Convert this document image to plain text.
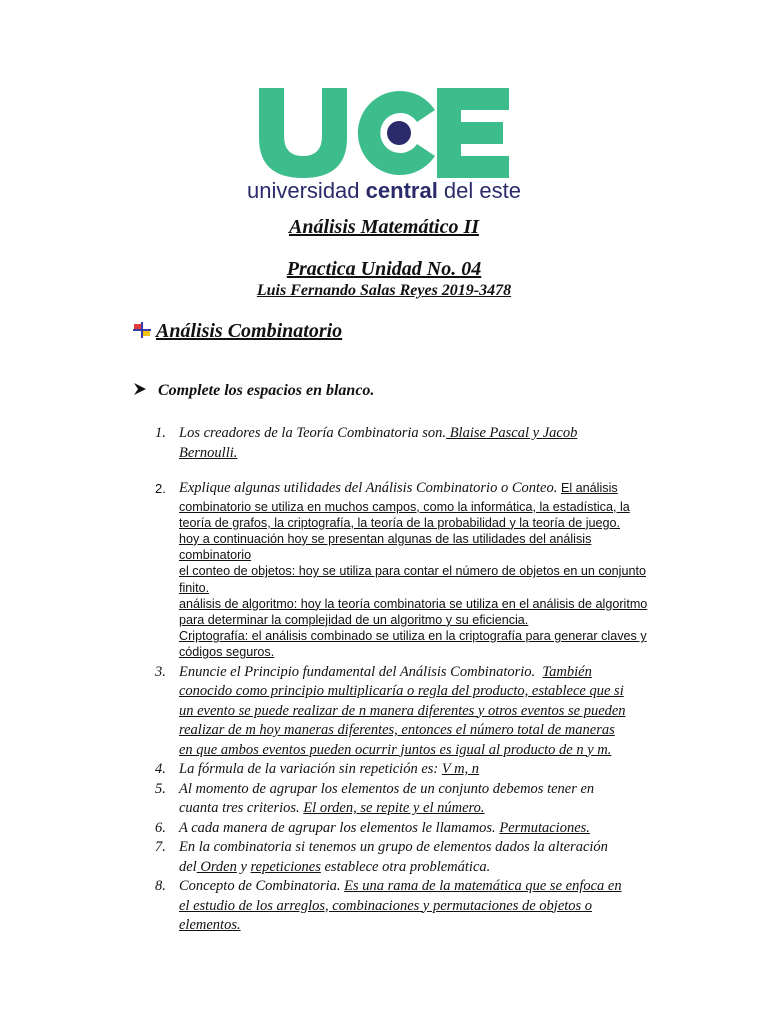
universidad central del este
Análisis Matemático II
Practica Unidad No. 04
Luis Fernando Salas Reyes 2019-3478
Análisis Combinatorio
Complete los espacios en blanco.
1. Los creadores de la Teoría Combinatoria son. Blaise Pascal y Jacob
Bernoulli.
2. Explique algunas utilidades del Análisis Combinatorio o Conteo. El análisis
combinatorio se utiliza en muchos campos, como la informática, la estadística, la
teoría de grafos, la criptografía, la teoría de la probabilidad y la teoría de juego.
hoy a continuación hoy se presentan algunas de las utilidades del análisis
combinatorio
el conteo de objetos: hoy se utiliza para contar el número de objetos en un conjunto
finito.
análisis de algoritmo: hoy la teoría combinatoria se utiliza en el análisis de algoritmo
para determinar la complejidad de un algoritmo y su eficiencia.
Criptografía: el análisis combinado se utiliza en la criptografía para generar claves y
códigos seguros.
3. Enuncie el Principio fundamental del Análisis Combinatorio. También
conocido como principio multiplicaría o regla del producto, establece que si
un evento se puede realizar de n manera diferentes y otros eventos se pueden
realizar de m hoy maneras diferentes, entonces el número total de maneras
en que ambos eventos pueden ocurrir juntos es igual al producto de n y m.
4. La fórmula de la variación sin repetición es: V m, n
5. Al momento de agrupar los elementos de un conjunto debemos tener en
cuanta tres criterios. El orden, se repite y el número.
6. A cada manera de agrupar los elementos le llamamos. Permutaciones.
7. En la combinatoria si tenemos un grupo de elementos dados la alteración
del Orden y repeticiones establece otra problemática.
8. Concepto de Combinatoria. Es una rama de la matemática que se enfoca en
el estudio de los arreglos, combinaciones y permutaciones de objetos o
elementos.
